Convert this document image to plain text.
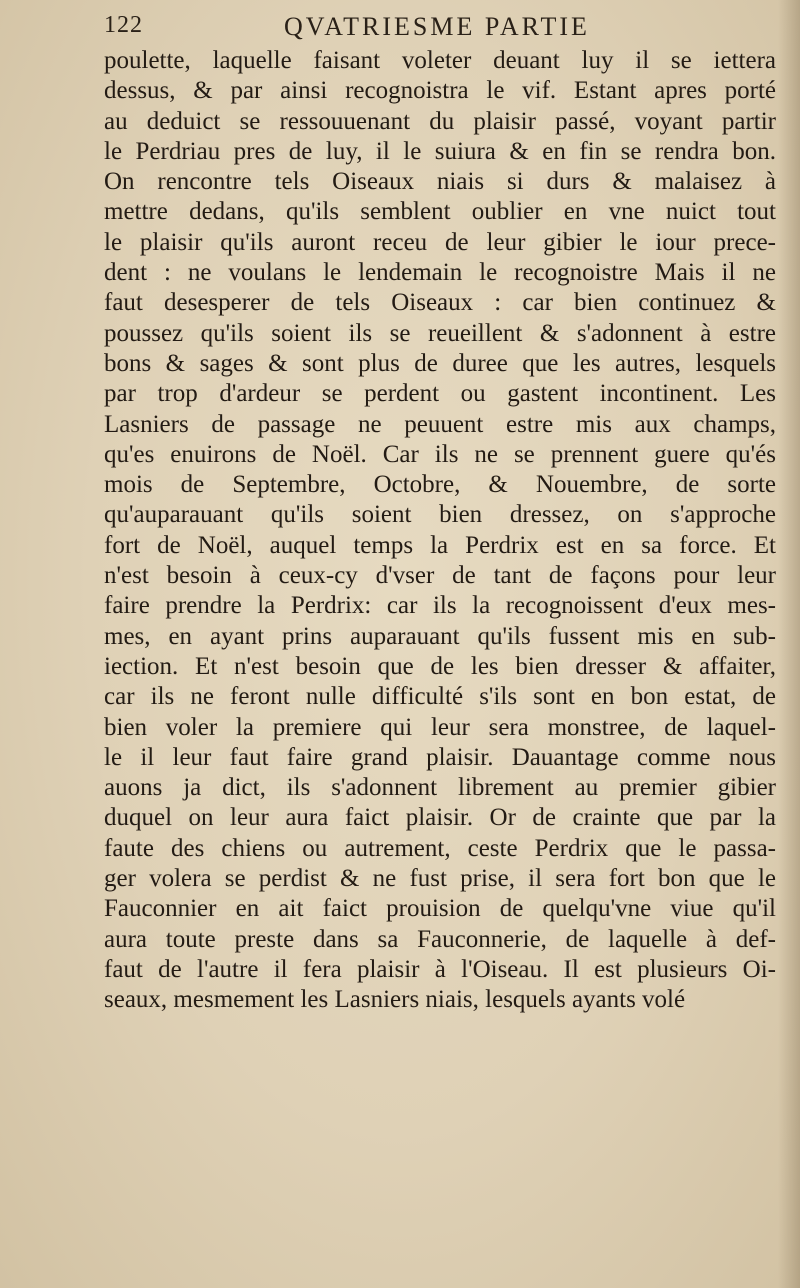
122	QVATRIESME PARTIE
poulette, laquelle faisant voleter deuant luy il se iettera
dessus, & par ainsi recognoistra le vif. Estant apres porté
au deduict se ressouuenant du plaisir passé, voyant partir
le Perdriau pres de luy, il le suiura & en fin se rendra bon.
On rencontre tels Oiseaux niais si durs & malaisez à
mettre dedans, qu'ils semblent oublier en vne nuict tout
le plaisir qu'ils auront receu de leur gibier le iour prece-
dent : ne voulans le lendemain le recognoistre Mais il ne
faut desesperer de tels Oiseaux : car bien continuez &
poussez qu'ils soient ils se reueillent & s'adonnent à estre
bons & sages & sont plus de duree que les autres, lesquels
par trop d'ardeur se perdent ou gastent incontinent. Les
Lasniers de passage ne peuuent estre mis aux champs,
qu'es enuirons de Noël. Car ils ne se prennent guere qu'és
mois de Septembre, Octobre, & Nouembre, de sorte
qu'auparauant qu'ils soient bien dressez, on s'approche
fort de Noël, auquel temps la Perdrix est en sa force. Et
n'est besoin à ceux-cy d'vser de tant de façons pour leur
faire prendre la Perdrix: car ils la recognoissent d'eux mes-
mes, en ayant prins auparauant qu'ils fussent mis en sub-
iection. Et n'est besoin que de les bien dresser & affaiter,
car ils ne feront nulle difficulté s'ils sont en bon estat, de
bien voler la premiere qui leur sera monstree, de laquel-
le il leur faut faire grand plaisir. Dauantage comme nous
auons ja dict, ils s'adonnent librement au premier gibier
duquel on leur aura faict plaisir. Or de crainte que par la
faute des chiens ou autrement, ceste Perdrix que le passa-
ger volera se perdist & ne fust prise, il sera fort bon que le
Fauconnier en ait faict prouision de quelqu'vne viue qu'il
aura toute preste dans sa Fauconnerie, de laquelle à def-
faut de l'autre il fera plaisir à l'Oiseau. Il est plusieurs Oi-
seaux, mesmement les Lasniers niais, lesquels ayants volé
